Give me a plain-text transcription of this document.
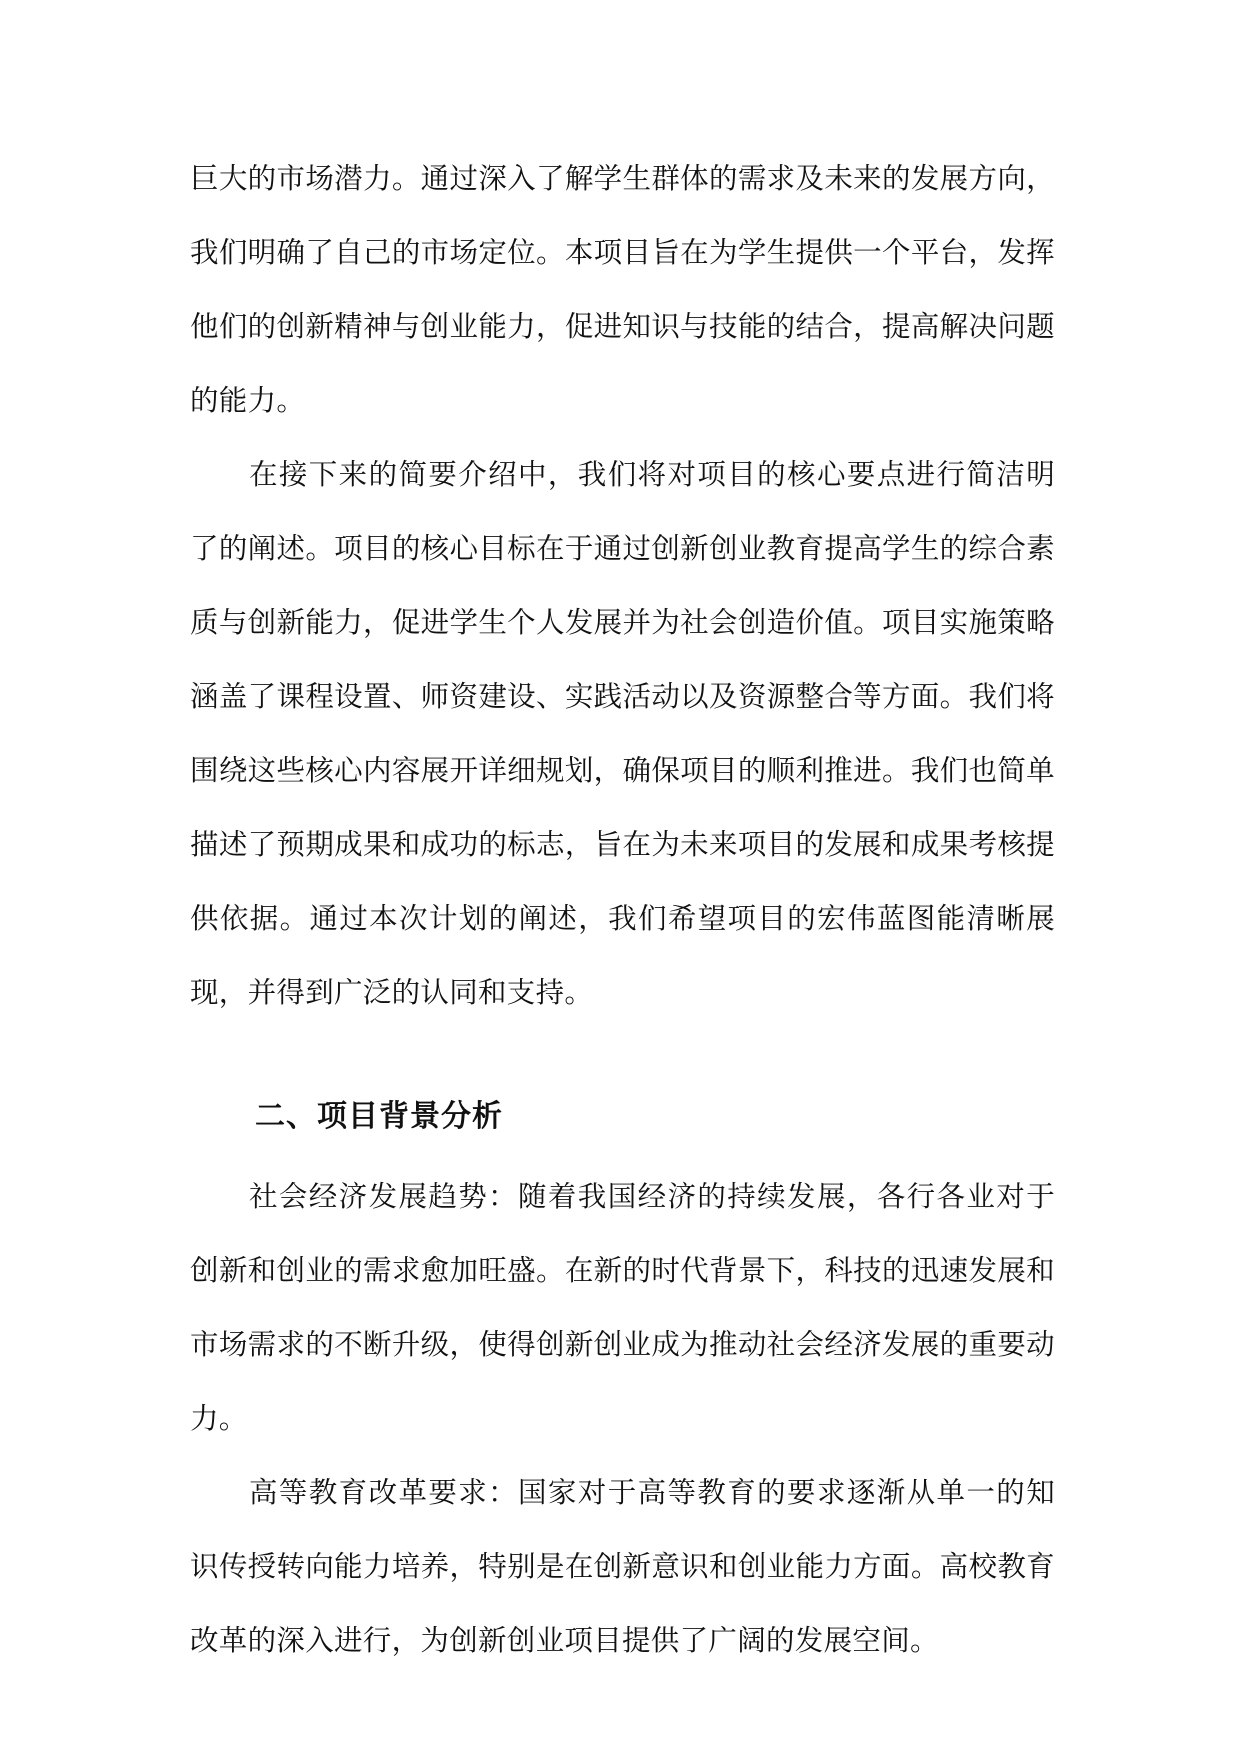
巨大的市场潜力。通过深入了解学生群体的需求及未来的发展方向，我们明确了自己的市场定位。本项目旨在为学生提供一个平台，发挥他们的创新精神与创业能力，促进知识与技能的结合，提高解决问题的能力。

在接下来的简要介绍中，我们将对项目的核心要点进行简洁明了的阐述。项目的核心目标在于通过创新创业教育提高学生的综合素质与创新能力，促进学生个人发展并为社会创造价值。项目实施策略涵盖了课程设置、师资建设、实践活动以及资源整合等方面。我们将围绕这些核心内容展开详细规划，确保项目的顺利推进。我们也简单描述了预期成果和成功的标志，旨在为未来项目的发展和成果考核提供依据。通过本次计划的阐述，我们希望项目的宏伟蓝图能清晰展现，并得到广泛的认同和支持。

二、项目背景分析

社会经济发展趋势：随着我国经济的持续发展，各行各业对于创新和创业的需求愈加旺盛。在新的时代背景下，科技的迅速发展和市场需求的不断升级，使得创新创业成为推动社会经济发展的重要动力。

高等教育改革要求：国家对于高等教育的要求逐渐从单一的知识传授转向能力培养，特别是在创新意识和创业能力方面。高校教育改革的深入进行，为创新创业项目提供了广阔的发展空间。
